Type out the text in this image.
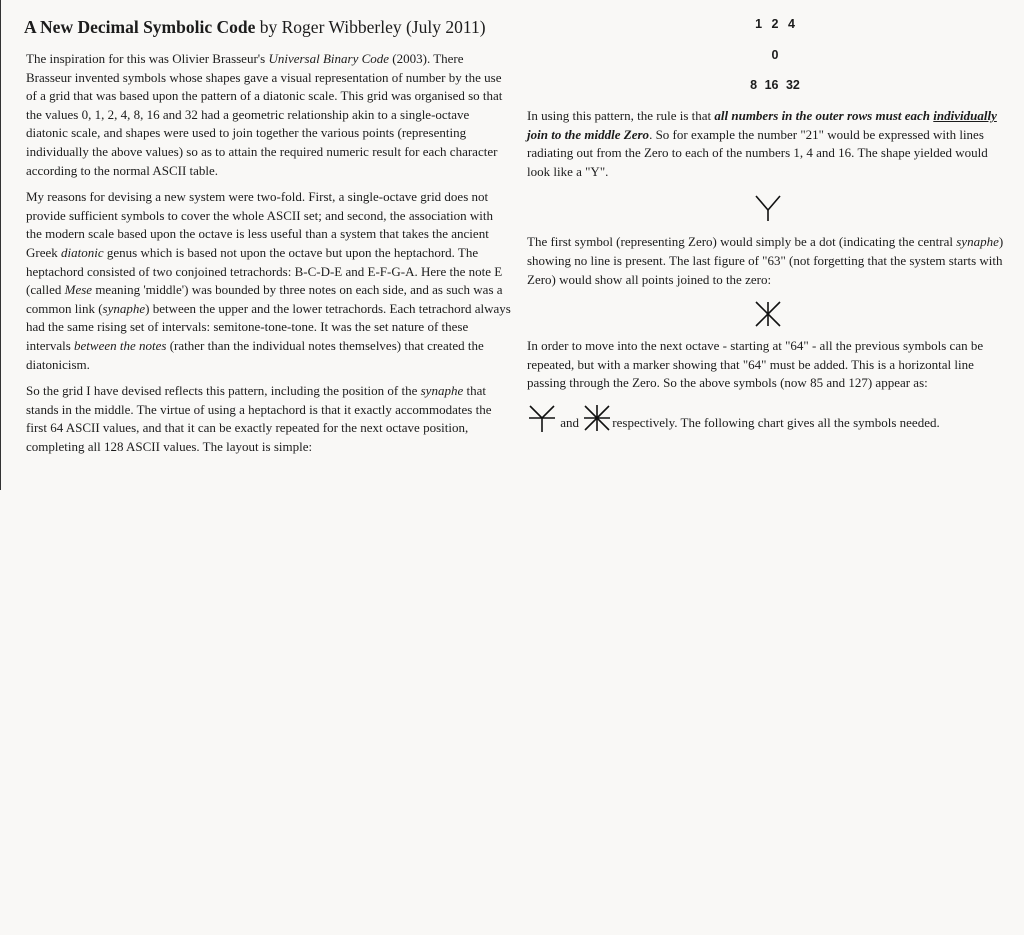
A New Decimal Symbolic Code by Roger Wibberley (July 2011)

The inspiration for this was Olivier Brasseur's Universal Binary Code (2003). There Brasseur invented symbols whose shapes gave a visual representation of number by the use of a grid that was based upon the pattern of a diatonic scale. This grid was organised so that the values 0, 1, 2, 4, 8, 16 and 32 had a geometric relationship akin to a single-octave diatonic scale, and shapes were used to join together the various points (representing individually the above values) so as to attain the required numeric result for each character according to the normal ASCII table.

My reasons for devising a new system were two-fold. First, a single-octave grid does not provide sufficient symbols to cover the whole ASCII set; and second, the association with the modern scale based upon the octave is less useful than a system that takes the ancient Greek diatonic genus which is based not upon the octave but upon the heptachord. The heptachord consisted of two conjoined tetrachords: B-C-D-E and E-F-G-A. Here the note E (called Mese meaning 'middle') was bounded by three notes on each side, and as such was a common link (synaphe) between the upper and the lower tetrachords. Each tetrachord always had the same rising set of intervals: semitone-tone-tone. It was the set nature of these intervals between the notes (rather than the individual notes themselves) that created the diatonicism.

So the grid I have devised reflects this pattern, including the position of the synaphe that stands in the middle. The virtue of using a heptachord is that it exactly accommodates the first 64 ASCII values, and that it can be exactly repeated for the next octave position, completing all 128 ASCII values. The layout is simple:

1 2 4
0
8 16 32

In using this pattern, the rule is that all numbers in the outer rows must each individually join to the middle Zero. So for example the number "21" would be expressed with lines radiating out from the Zero to each of the numbers 1, 4 and 16. The shape yielded would look like a "Y".

The first symbol (representing Zero) would simply be a dot (indicating the central synaphe) showing no line is present. The last figure of "63" (not forgetting that the system starts with Zero) would show all points joined to the zero:

In order to move into the next octave - starting at "64" - all the previous symbols can be repeated, but with a marker showing that "64" must be added. This is a horizontal line passing through the Zero. So the above symbols (now 85 and 127) appear as:

and respectively. The following chart gives all the symbols needed.
